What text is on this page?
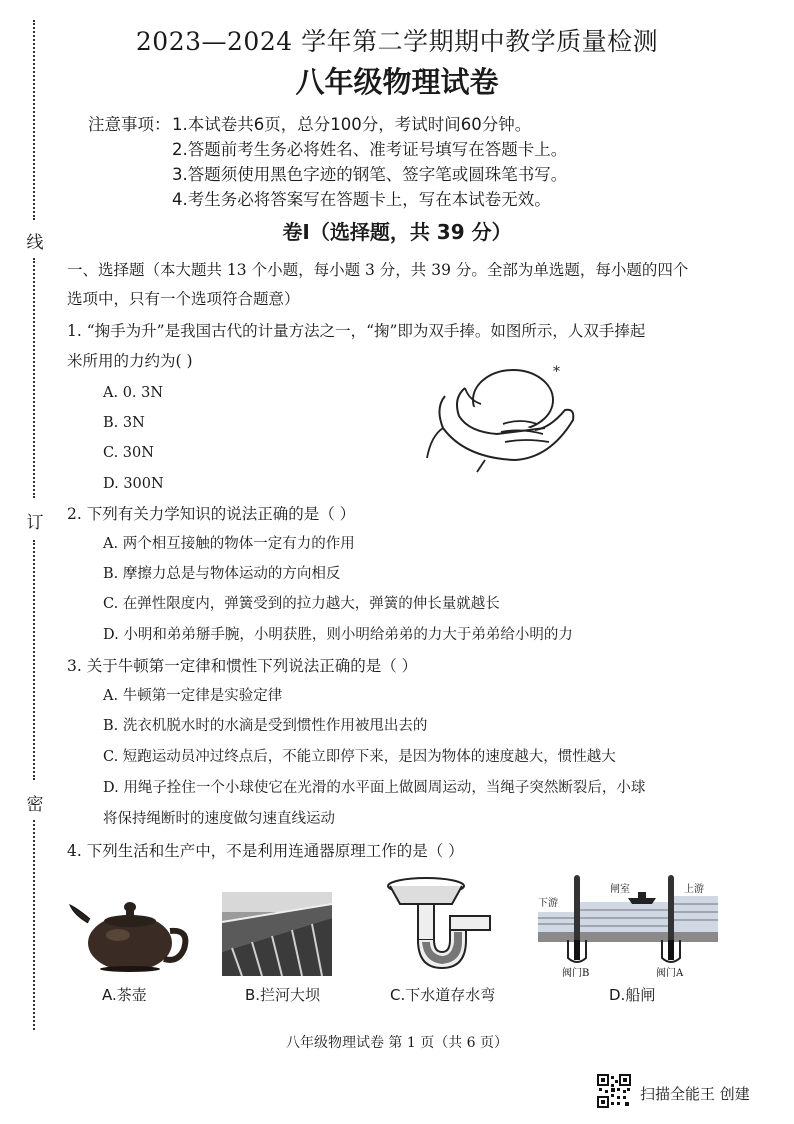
线
订
密
2023—2024 学年第二学期期中教学质量检测
八年级物理试卷
注意事项： 1.本试卷共6页，总分100分，考试时间60分钟。
2.答题前考生务必将姓名、准考证号填写在答题卡上。
3.答题须使用黑色字迹的钢笔、签字笔或圆珠笔书写。
4.考生务必将答案写在答题卡上，写在本试卷无效。
卷Ⅰ（选择题，共 39 分）
一、选择题（本大题共 13 个小题，每小题 3 分，共 39 分。全部为单选题，每小题的四个
选项中，只有一个选项符合题意）
1. “掬手为升”是我国古代的计量方法之一，“掬”即为双手捧。如图所示，人双手捧起
米所用的力约为( )
A. 0. 3N
B. 3N
C. 30N
D. 300N
*
2. 下列有关力学知识的说法正确的是（ ）
A. 两个相互接触的物体一定有力的作用
B. 摩擦力总是与物体运动的方向相反
C. 在弹性限度内，弹簧受到的拉力越大，弹簧的伸长量就越长
D. 小明和弟弟掰手腕，小明获胜，则小明给弟弟的力大于弟弟给小明的力
3. 关于牛顿第一定律和惯性下列说法正确的是（ ）
A. 牛顿第一定律是实验定律
B. 洗衣机脱水时的水滴是受到惯性作用被甩出去的
C. 短跑运动员冲过终点后，不能立即停下来，是因为物体的速度越大，惯性越大
D. 用绳子拴住一个小球使它在光滑的水平面上做圆周运动，当绳子突然断裂后，小球
将保持绳断时的速度做匀速直线运动
4. 下列生活和生产中，不是利用连通器原理工作的是（ ）
下游
闸室	上游
阀门B	阀门A
A.茶壶	B.拦河大坝	C.下水道存水弯	D.船闸
八年级物理试卷 第 1 页（共 6 页）
扫描全能王 创建
